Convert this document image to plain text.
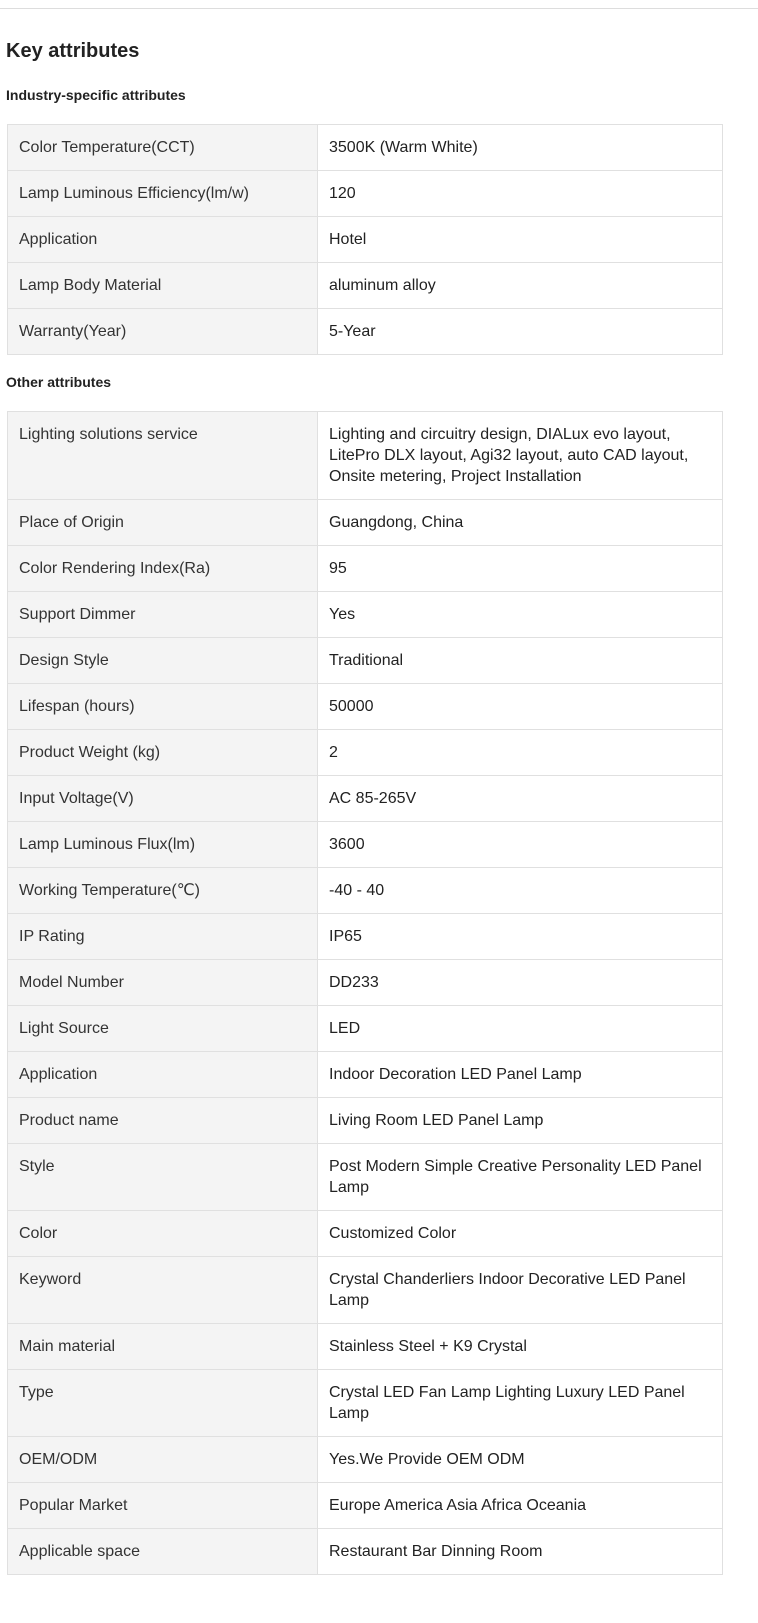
Key attributes
Industry-specific attributes
Color Temperature(CCT)	3500K (Warm White)
Lamp Luminous Efficiency(lm/w)	120
Application	Hotel
Lamp Body Material	aluminum alloy
Warranty(Year)	5-Year
Other attributes
Lighting solutions service	Lighting and circuitry design, DIALux evo layout, LitePro DLX layout, Agi32 layout, auto CAD layout, Onsite metering, Project Installation
Place of Origin	Guangdong, China
Color Rendering Index(Ra)	95
Support Dimmer	Yes
Design Style	Traditional
Lifespan (hours)	50000
Product Weight (kg)	2
Input Voltage(V)	AC 85-265V
Lamp Luminous Flux(lm)	3600
Working Temperature(℃)	-40 - 40
IP Rating	IP65
Model Number	DD233
Light Source	LED
Application	Indoor Decoration LED Panel Lamp
Product name	Living Room LED Panel Lamp
Style	Post Modern Simple Creative Personality LED Panel Lamp
Color	Customized Color
Keyword	Crystal Chanderliers Indoor Decorative LED Panel Lamp
Main material	Stainless Steel + K9 Crystal
Type	Crystal LED Fan Lamp Lighting Luxury LED Panel Lamp
OEM/ODM	Yes.We Provide OEM ODM
Popular Market	Europe America Asia Africa Oceania
Applicable space	Restaurant Bar Dinning Room
